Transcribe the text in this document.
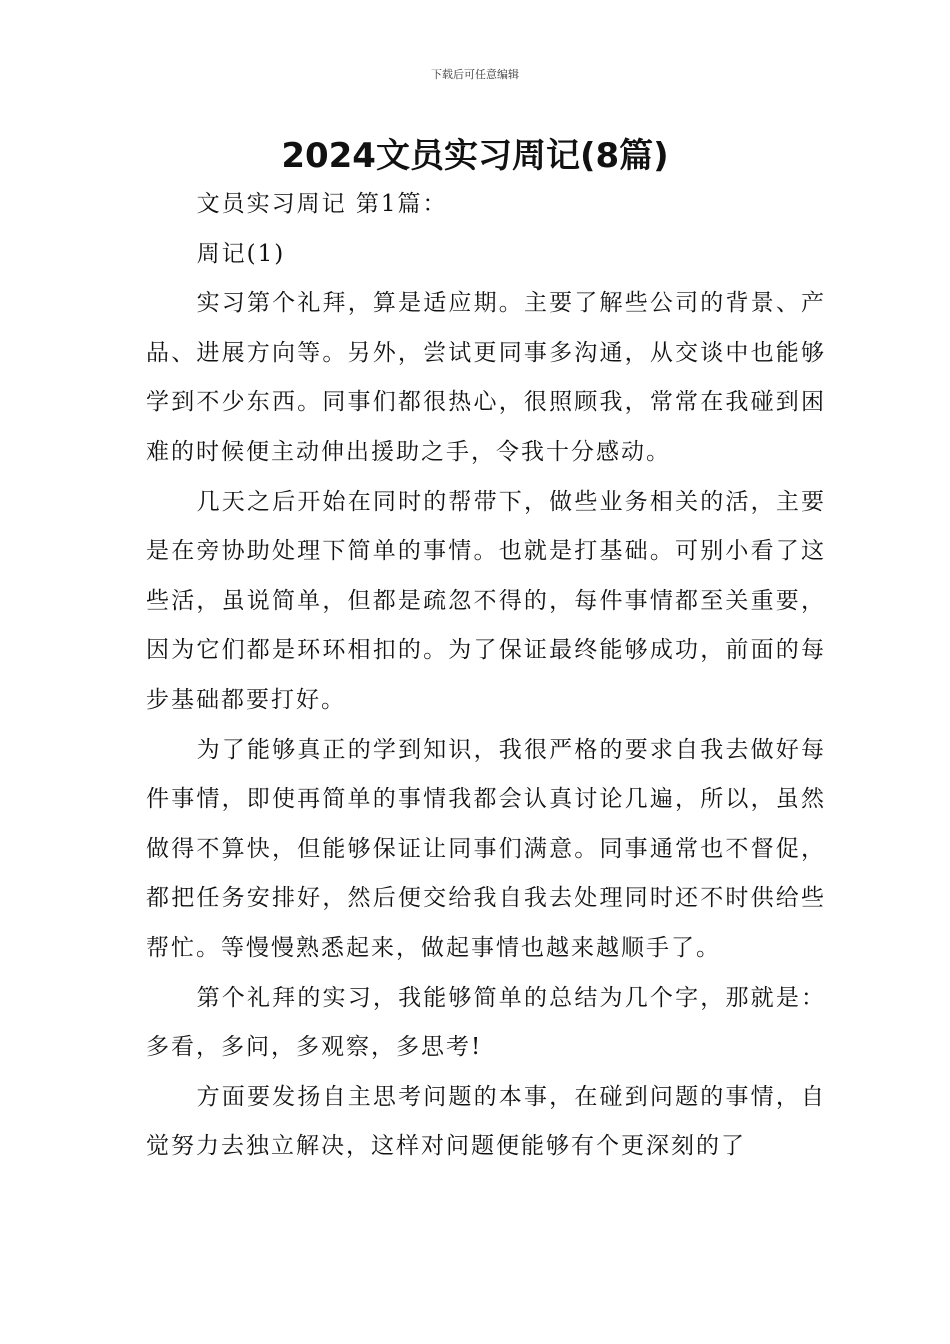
下载后可任意编辑
2024文员实习周记(8篇)

文员实习周记 第1篇：

周记(1)

实习第个礼拜，算是适应期。主要了解些公司的背景、产品、进展方向等。另外，尝试更同事多沟通，从交谈中也能够学到不少东西。同事们都很热心，很照顾我，常常在我碰到困难的时候便主动伸出援助之手，令我十分感动。

几天之后开始在同时的帮带下，做些业务相关的活，主要是在旁协助处理下简单的事情。也就是打基础。可别小看了这些活，虽说简单，但都是疏忽不得的，每件事情都至关重要，因为它们都是环环相扣的。为了保证最终能够成功，前面的每步基础都要打好。

为了能够真正的学到知识，我很严格的要求自我去做好每件事情，即使再简单的事情我都会认真讨论几遍，所以，虽然做得不算快，但能够保证让同事们满意。同事通常也不督促，都把任务安排好，然后便交给我自我去处理同时还不时供给些帮忙。等慢慢熟悉起来，做起事情也越来越顺手了。

第个礼拜的实习，我能够简单的总结为几个字，那就是：多看，多问，多观察，多思考!

方面要发扬自主思考问题的本事，在碰到问题的事情，自觉努力去独立解决，这样对问题便能够有个更深刻的了
